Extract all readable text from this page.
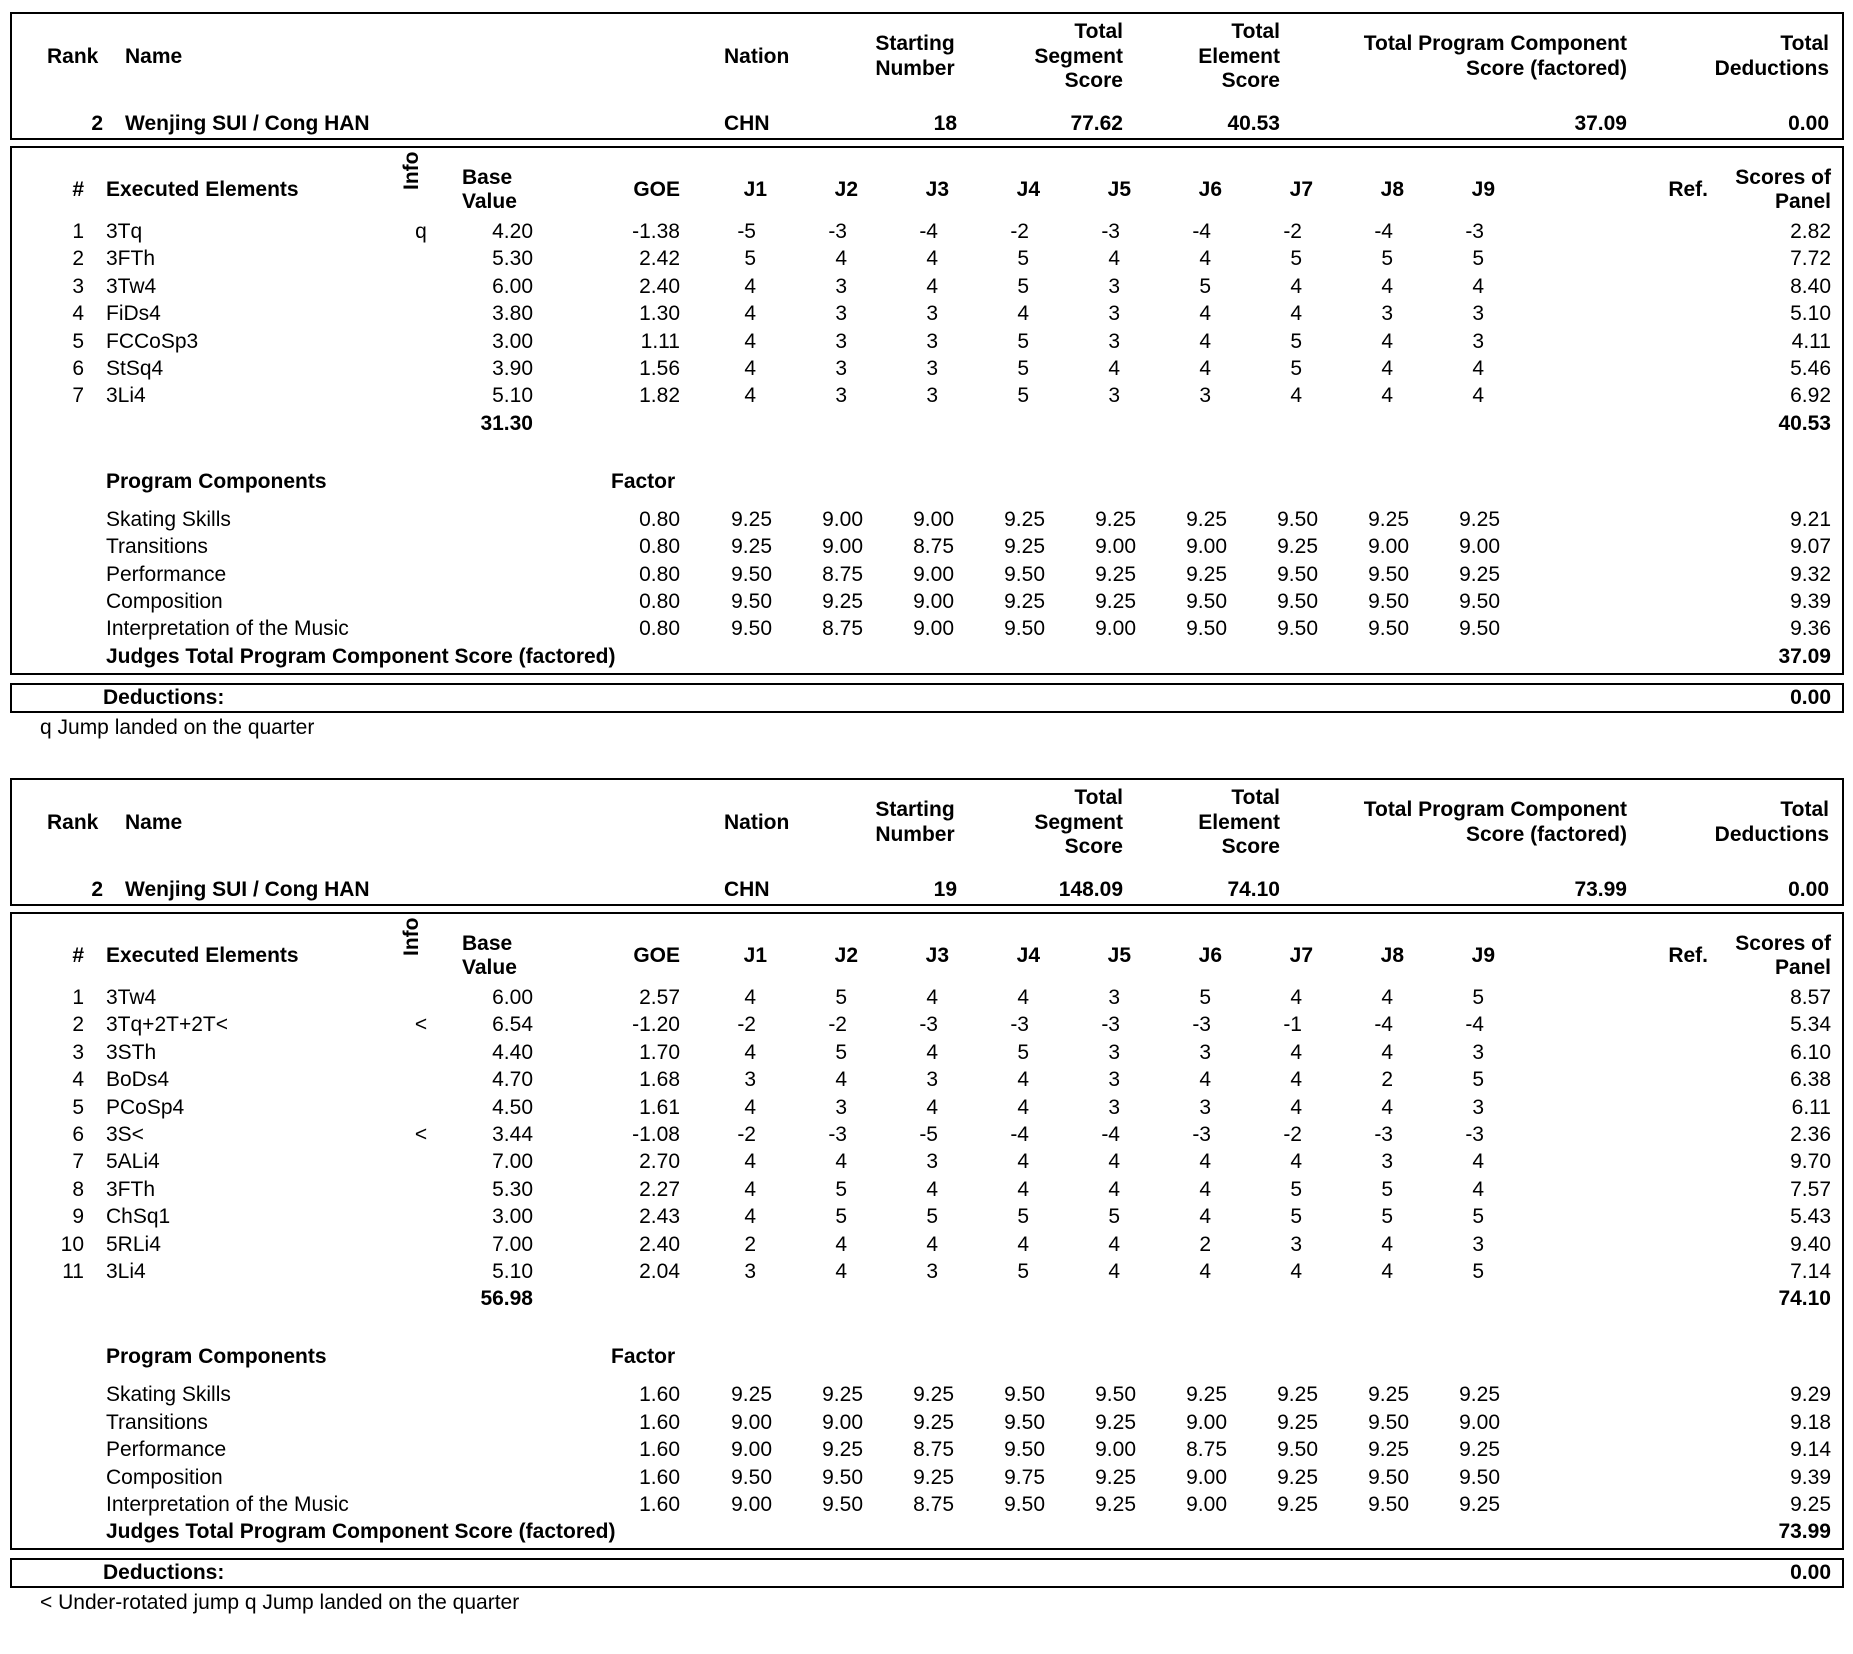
Rank Name	Nation
Starting
Number
Total
Segment
Score
Total
Element
Score
Total Program Component
Score (factored)
Total
Deductions
2 Wenjing SUI / Cong HAN	CHN	18	77.62	40.53	37.09	0.00
# Executed Elements	Info Base
Value
GOE	J1	J2	J3	J4	J5	J6	J7	J8	J9	Ref.
Scores of
Panel
1 3Tq	q	4.20	-1.38	-5	-3	-4	-2	-3	-4	-2	-4	-3	2.82
2 3FTh	5.30	2.42	5	4	4	5	4	4	5	5	5	7.72
3 3Tw4	6.00	2.40	4	3	4	5	3	5	4	4	4	8.40
4 FiDs4	3.80	1.30	4	3	3	4	3	4	4	3	3	5.10
5 FCCoSp3	3.00	1.11	4	3	3	5	3	4	5	4	3	4.11
6 StSq4	3.90	1.56	4	3	3	5	4	4	5	4	4	5.46
7 3Li4	5.10	1.82	4	3	3	5	3	3	4	4	4	6.92
31.30	40.53
Program Components	Factor
Skating Skills	0.80 9.25 9.00 9.00 9.25 9.25 9.25 9.50 9.25 9.25	9.21
Transitions	0.80 9.25 9.00 8.75 9.25 9.00 9.00 9.25 9.00 9.00	9.07
Performance	0.80 9.50 8.75 9.00 9.50 9.25 9.25 9.50 9.50 9.25	9.32
Composition	0.80 9.50 9.25 9.00 9.25 9.25 9.50 9.50 9.50 9.50	9.39
Interpretation of the Music	0.80 9.50 8.75 9.00 9.50 9.00 9.50 9.50 9.50 9.50	9.36
Judges Total Program Component Score (factored)	37.09
Deductions:	0.00
q Jump landed on the quarter
Rank Name	Nation
Starting
Number
Total
Segment
Score
Total
Element
Score
Total Program Component
Score (factored)
Total
Deductions
2 Wenjing SUI / Cong HAN	CHN	19	148.09	74.10	73.99	0.00
# Executed Elements	Info Base
Value
GOE	J1	J2	J3	J4	J5	J6	J7	J8	J9	Ref.
Scores of
Panel
1 3Tw4	6.00	2.57	4	5	4	4	3	5	4	4	5	8.57
2 3Tq+2T+2T<	<	6.54	-1.20	-2	-2	-3	-3	-3	-3	-1	-4	-4	5.34
3 3STh	4.40	1.70	4	5	4	5	3	3	4	4	3	6.10
4 BoDs4	4.70	1.68	3	4	3	4	3	4	4	2	5	6.38
5 PCoSp4	4.50	1.61	4	3	4	4	3	3	4	4	3	6.11
6 3S<	<	3.44	-1.08	-2	-3	-5	-4	-4	-3	-2	-3	-3	2.36
7 5ALi4	7.00	2.70	4	4	3	4	4	4	4	3	4	9.70
8 3FTh	5.30	2.27	4	5	4	4	4	4	5	5	4	7.57
9 ChSq1	3.00	2.43	4	5	5	5	5	4	5	5	5	5.43
10 5RLi4	7.00	2.40	2	4	4	4	4	2	3	4	3	9.40
11 3Li4	5.10	2.04	3	4	3	5	4	4	4	4	5	7.14
56.98	74.10
Program Components	Factor
Skating Skills	1.60 9.25 9.25 9.25 9.50 9.50 9.25 9.25 9.25 9.25	9.29
Transitions	1.60 9.00 9.00 9.25 9.50 9.25 9.00 9.25 9.50 9.00	9.18
Performance	1.60 9.00 9.25 8.75 9.50 9.00 8.75 9.50 9.25 9.25	9.14
Composition	1.60 9.50 9.50 9.25 9.75 9.25 9.00 9.25 9.50 9.50	9.39
Interpretation of the Music	1.60 9.00 9.50 8.75 9.50 9.25 9.00 9.25 9.50 9.25	9.25
Judges Total Program Component Score (factored)	73.99
Deductions:	0.00
< Under-rotated jump q Jump landed on the quarter
